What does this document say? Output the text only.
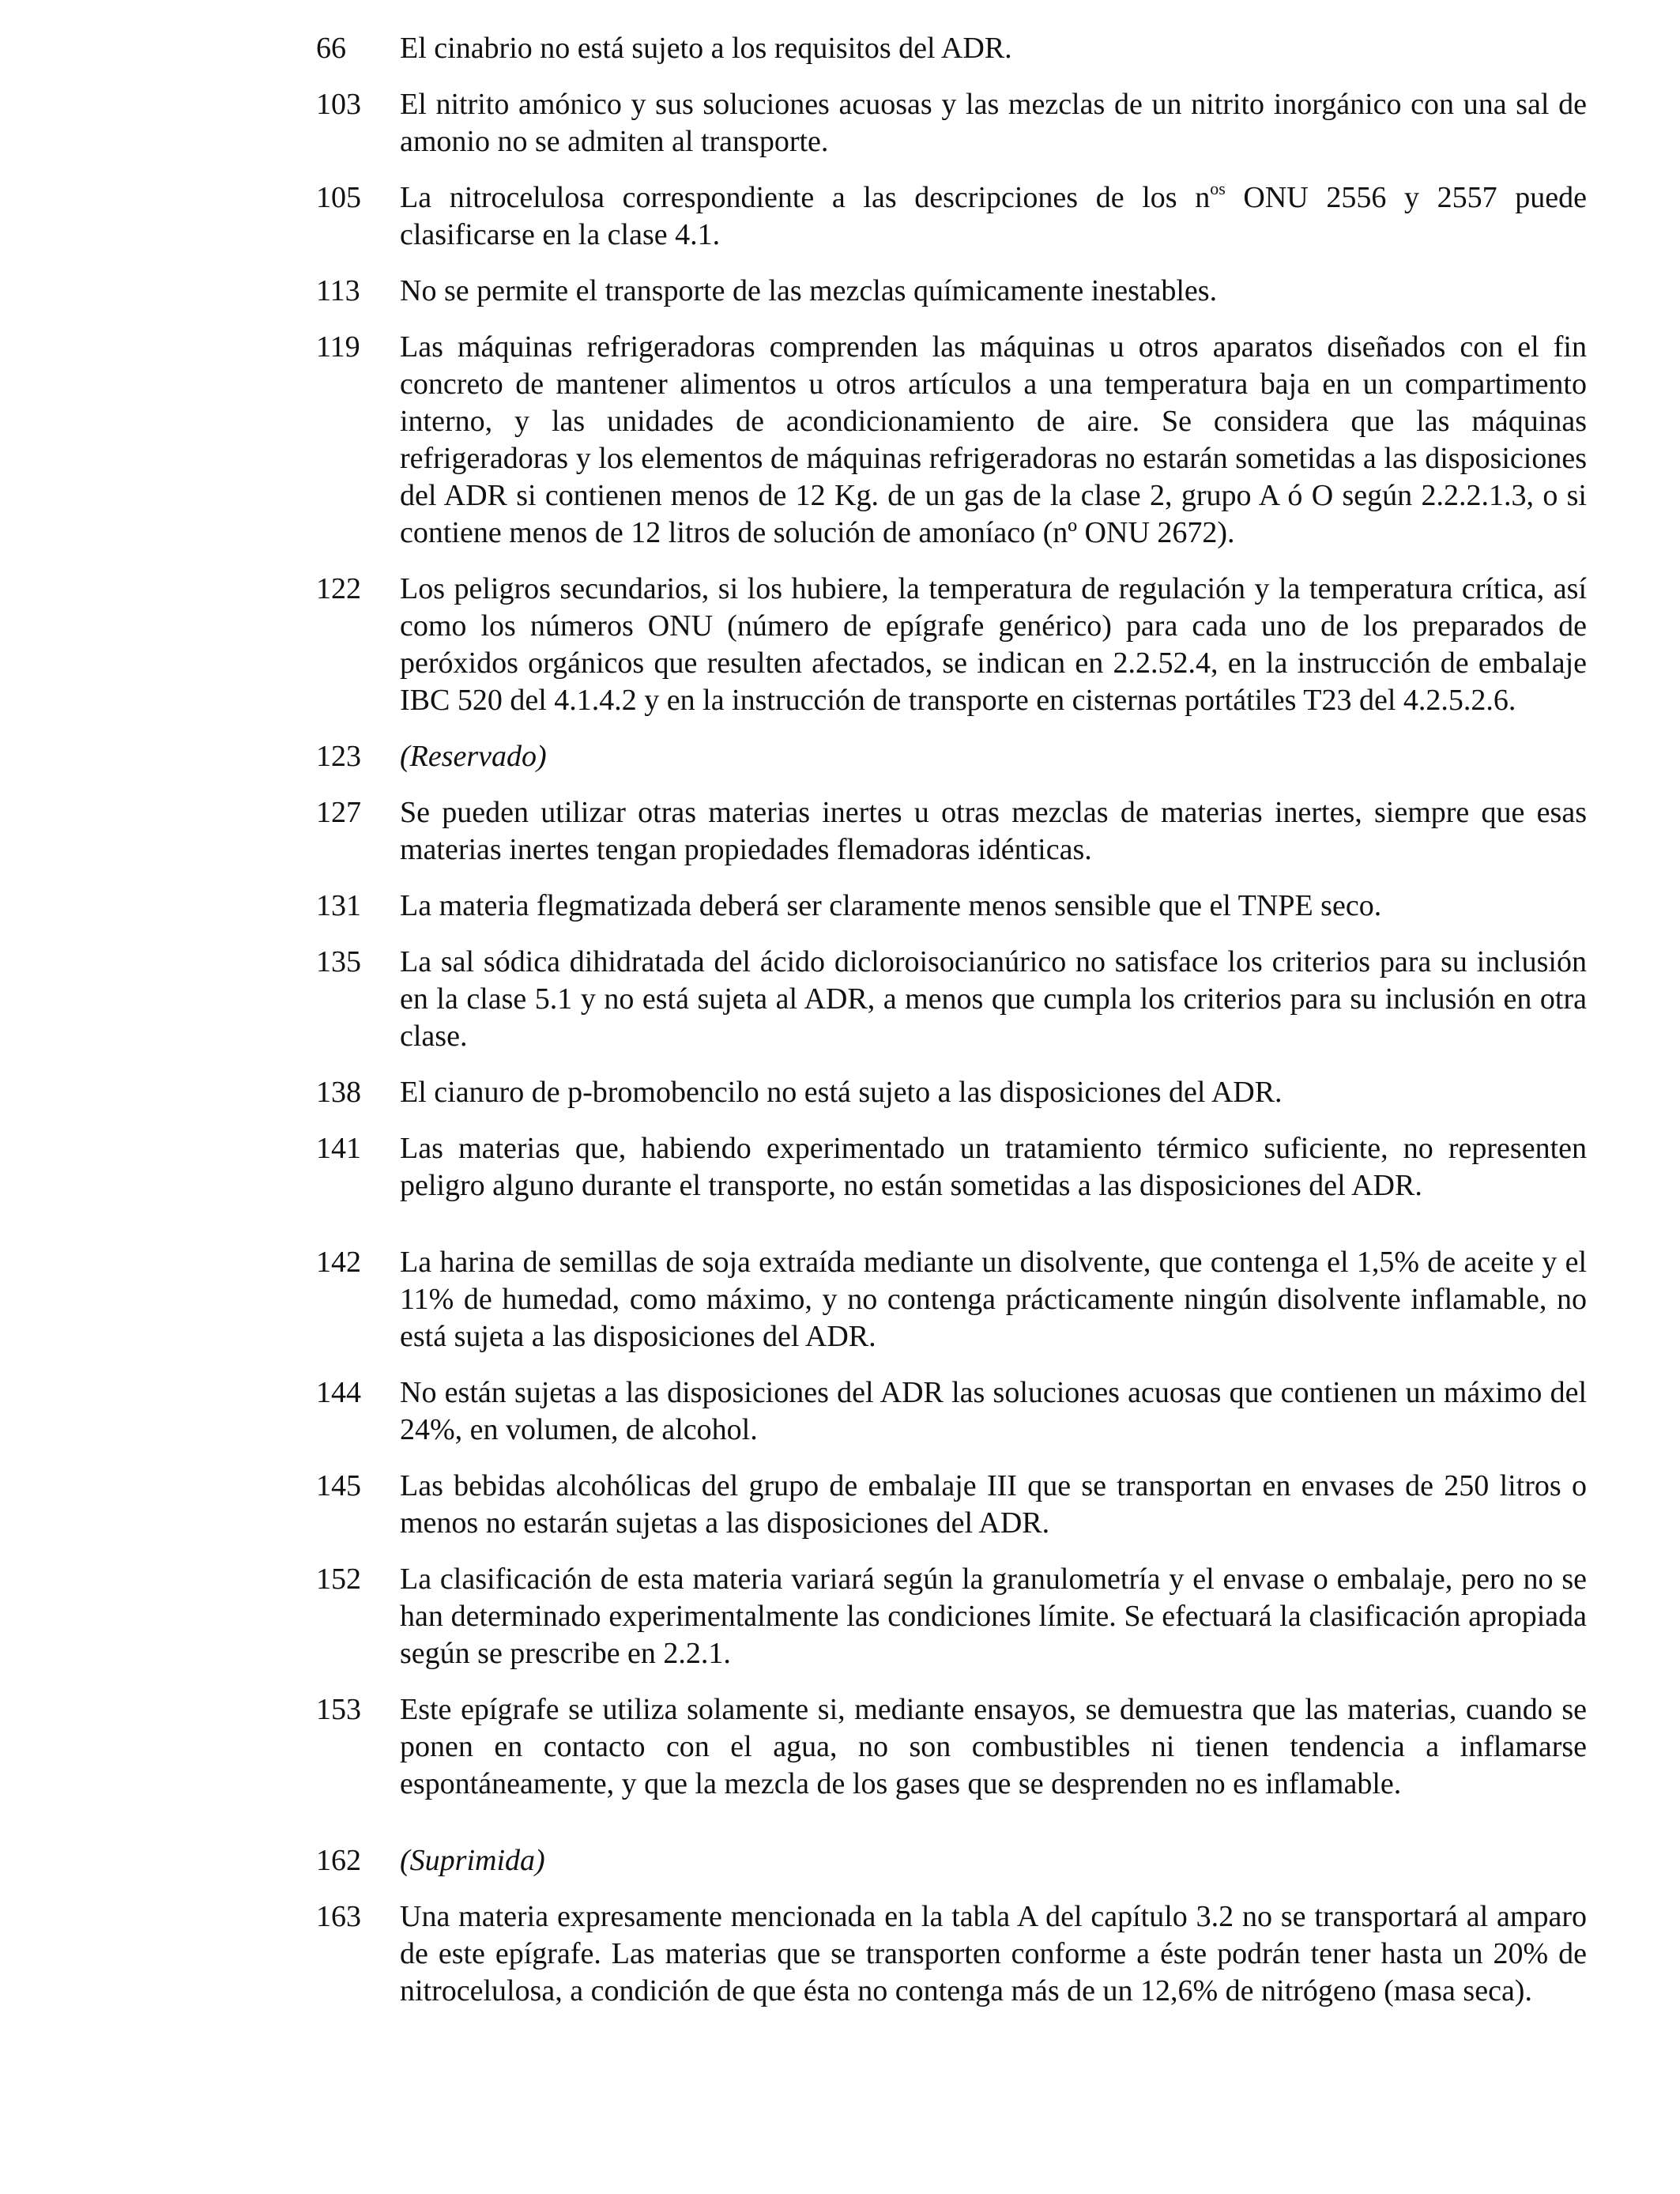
66	El cinabrio no está sujeto a los requisitos del ADR.
103	El nitrito amónico y sus soluciones acuosas y las mezclas de un nitrito inorgánico con una sal de amonio no se admiten al transporte.
105	La nitrocelulosa correspondiente a las descripciones de los $n^{os}$ ONU 2556 y 2557 puede clasificarse en la clase 4.1.
113	No se permite el transporte de las mezclas químicamente inestables.
119	Las máquinas refrigeradoras comprenden las máquinas u otros aparatos diseñados con el fin concreto de mantener alimentos u otros artículos a una temperatura baja en un compartimento interno, y las unidades de acondicionamiento de aire. Se considera que las máquinas refrigeradoras y los elementos de máquinas refrigeradoras no estarán sometidas a las disposiciones del ADR si contienen menos de 12 Kg. de un gas de la clase 2, grupo A ó O según 2.2.2.1.3, o si contiene menos de 12 litros de solución de amoníaco (nº ONU 2672).
122	Los peligros secundarios, si los hubiere, la temperatura de regulación y la temperatura crítica, así como los números ONU (número de epígrafe genérico) para cada uno de los preparados de peróxidos orgánicos que resulten afectados, se indican en 2.2.52.4, en la instrucción de embalaje IBC 520 del 4.1.4.2 y en la instrucción de transporte en cisternas portátiles T23 del 4.2.5.2.6.
123	(Reservado)
127	Se pueden utilizar otras materias inertes u otras mezclas de materias inertes, siempre que esas materias inertes tengan propiedades flemadoras idénticas.
131	La materia flegmatizada deberá ser claramente menos sensible que el TNPE seco.
135	La sal sódica dihidratada del ácido dicloroisocianúrico no satisface los criterios para su inclusión en la clase 5.1 y no está sujeta al ADR, a menos que cumpla los criterios para su inclusión en otra clase.
138	El cianuro de p-bromobencilo no está sujeto a las disposiciones del ADR.
141	Las materias que, habiendo experimentado un tratamiento térmico suficiente, no representen peligro alguno durante el transporte, no están sometidas a las disposiciones del ADR.
142	La harina de semillas de soja extraída mediante un disolvente, que contenga el 1,5% de aceite y el 11% de humedad, como máximo, y no contenga prácticamente ningún disolvente inflamable, no está sujeta a las disposiciones del ADR.
144	No están sujetas a las disposiciones del ADR las soluciones acuosas que contienen un máximo del 24%, en volumen, de alcohol.
145	Las bebidas alcohólicas del grupo de embalaje III que se transportan en envases de 250 litros o menos no estarán sujetas a las disposiciones del ADR.
152	La clasificación de esta materia variará según la granulometría y el envase o embalaje, pero no se han determinado experimentalmente las condiciones límite. Se efectuará la clasificación apropiada según se prescribe en 2.2.1.
153	Este epígrafe se utiliza solamente si, mediante ensayos, se demuestra que las materias, cuando se ponen en contacto con el agua, no son combustibles ni tienen tendencia a inflamarse espontáneamente, y que la mezcla de los gases que se desprenden no es inflamable.
162	(Suprimida)
163	Una materia expresamente mencionada en la tabla A del capítulo 3.2 no se transportará al amparo de este epígrafe. Las materias que se transporten conforme a éste podrán tener hasta un 20% de nitrocelulosa, a condición de que ésta no contenga más de un 12,6% de nitrógeno (masa seca).
